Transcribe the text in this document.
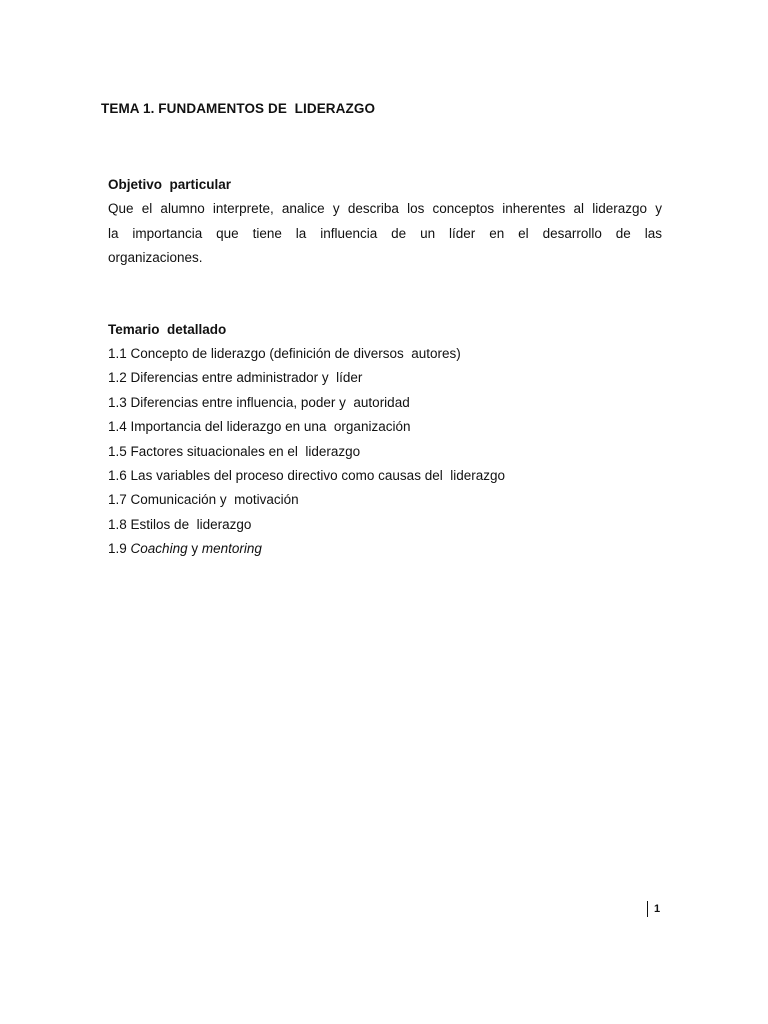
TEMA 1. FUNDAMENTOS DE  LIDERAZGO
Objetivo  particular
Que el alumno interprete, analice y describa los conceptos inherentes al liderazgo y
la importancia que tiene la influencia de un líder en el desarrollo de las
organizaciones.
Temario  detallado
1.1 Concepto de liderazgo (definición de diversos  autores)
1.2 Diferencias entre administrador y  líder
1.3 Diferencias entre influencia, poder y  autoridad
1.4 Importancia del liderazgo en una  organización
1.5 Factores situacionales en el  liderazgo
1.6 Las variables del proceso directivo como causas del  liderazgo
1.7 Comunicación y  motivación
1.8 Estilos de  liderazgo
1.9 Coaching y mentoring
1
